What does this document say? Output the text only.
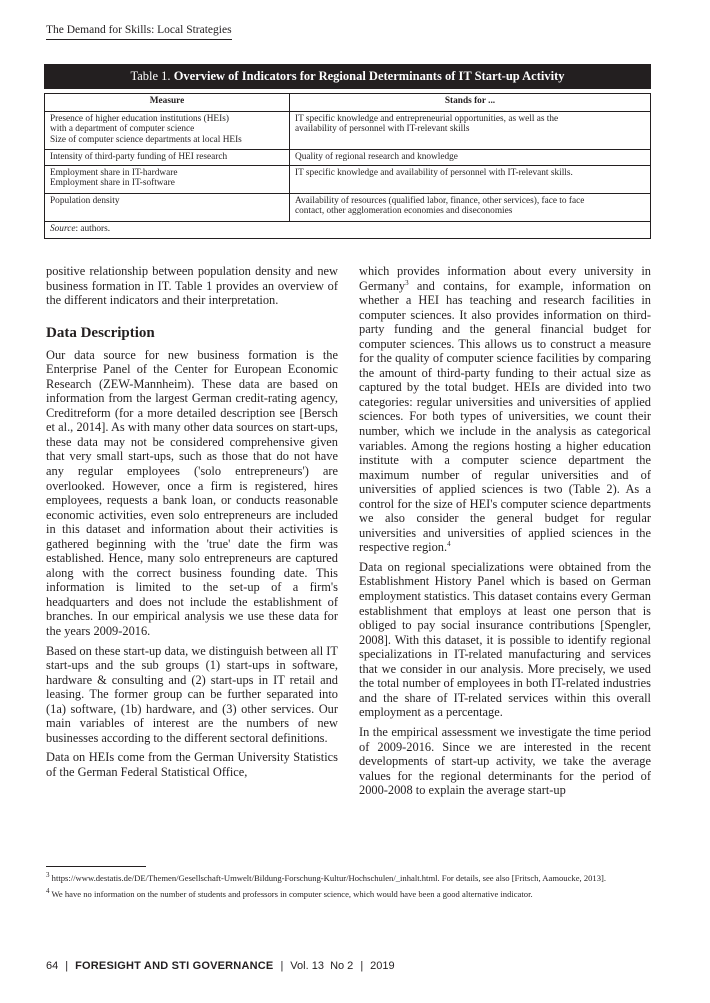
The Demand for Skills: Local Strategies
Table 1. Overview of Indicators for Regional Determinants of IT Start-up Activity
Measure	Stands for ...

Presence of higher education institutions (HEIs)
with a department of computer science
Size of computer science departments at local HEIs	IT specific knowledge and entrepreneurial opportunities, as well as the
availability of personnel with IT-relevant skills

Intensity of third-party funding of HEI research	Quality of regional research and knowledge

Employment share in IT-hardware
Employment share in IT-software	IT specific knowledge and availability of personnel with IT-relevant skills.

Population density	Availability of resources (qualified labor, finance, other services), face to face
contact, other agglomeration economies and diseconomies

Source: authors.	

positive relationship between population density and new business formation in IT. Table 1 provides an overview of the different indicators and their interpretation.

Data Description

Our data source for new business formation is the Enterprise Panel of the Center for European Economic Research (ZEW-Mannheim). These data are based on information from the largest German credit-rating agency, Creditreform (for a more detailed description see [Bersch et al., 2014]. As with many other data sources on start-ups, these data may not be considered comprehensive given that very small start-ups, such as those that do not have any regular employees ('solo entrepreneurs') are overlooked. However, once a firm is registered, hires employees, requests a bank loan, or conducts reasonable economic activities, even solo entrepreneurs are included in this dataset and information about their activities is gathered beginning with the 'true' date the firm was established. Hence, many solo entrepreneurs are captured along with the correct business founding date. This information is limited to the set-up of a firm's headquarters and does not include the establishment of branches. In our empirical analysis we use these data for the years 2009-2016.

Based on these start-up data, we distinguish between all IT start-ups and the sub groups (1) start-ups in software, hardware & consulting and (2) start-ups in IT retail and leasing. The former group can be further separated into (1a) software, (1b) hardware, and (3) other services. Our main variables of interest are the numbers of new businesses according to the different sectoral definitions.

Data on HEIs come from the German University Statistics of the German Federal Statistical Office,

which provides information about every university in Germany$^3$ and contains, for example, information on whether a HEI has teaching and research facilities in computer sciences. It also provides information on third-party funding and the general financial budget for computer sciences. This allows us to construct a measure for the quality of computer science facilities by comparing the amount of third-party funding to their actual size as captured by the total budget. HEIs are divided into two categories: regular universities and universities of applied sciences. For both types of universities, we count their number, which we include in the analysis as categorical variables. Among the regions hosting a higher education institute with a computer science department the maximum number of regular universities and of universities of applied sciences is two (Table 2). As a control for the size of HEI's computer science departments we also consider the general budget for regular universities and universities of applied sciences in the respective region.$^4$

Data on regional specializations were obtained from the Establishment History Panel which is based on German employment statistics. This dataset contains every German establishment that employs at least one person that is obliged to pay social insurance contributions [Spengler, 2008]. With this dataset, it is possible to identify regional specializations in IT-related manufacturing and services that we consider in our analysis. More precisely, we used the total number of employees in both IT-related industries and the share of IT-related services within this overall employment as a percentage.

In the empirical assessment we investigate the time period of 2009-2016. Since we are interested in the recent developments of start-up activity, we take the average values for the regional determinants for the period of 2000-2008 to explain the average start-up

$^3$ https://www.destatis.de/DE/Themen/Gesellschaft-Umwelt/Bildung-Forschung-Kultur/Hochschulen/_inhalt.html. For details, see also [Fritsch, Aamoucke, 2013].
$^4$ We have no information on the number of students and professors in computer science, which would have been a good alternative indicator.
64 | FORESIGHT AND STI GOVERNANCE | Vol. 13 No 2 | 2019
